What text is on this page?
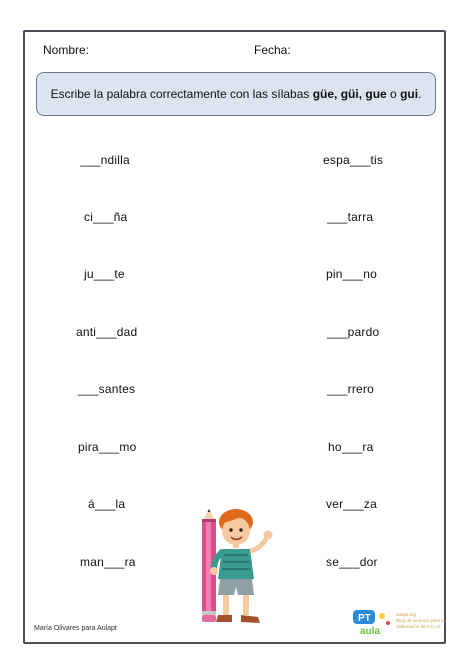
Nombre:	Fecha:
Escribe la palabra correctamente con las sílabas güe, güi, gue o gui.
___ndilla
ci___ña
ju___te
anti___dad
___santes
pira___mo
á___la
man___ra
espa___tis
___tarra
pin___no
___pardo
___rrero
ho___ra
ver___za
se___dor
María Olivares para Aulapt
PT
aula
aulapt.org
Blog de recursos para la
elaboración de A.C.I.S
